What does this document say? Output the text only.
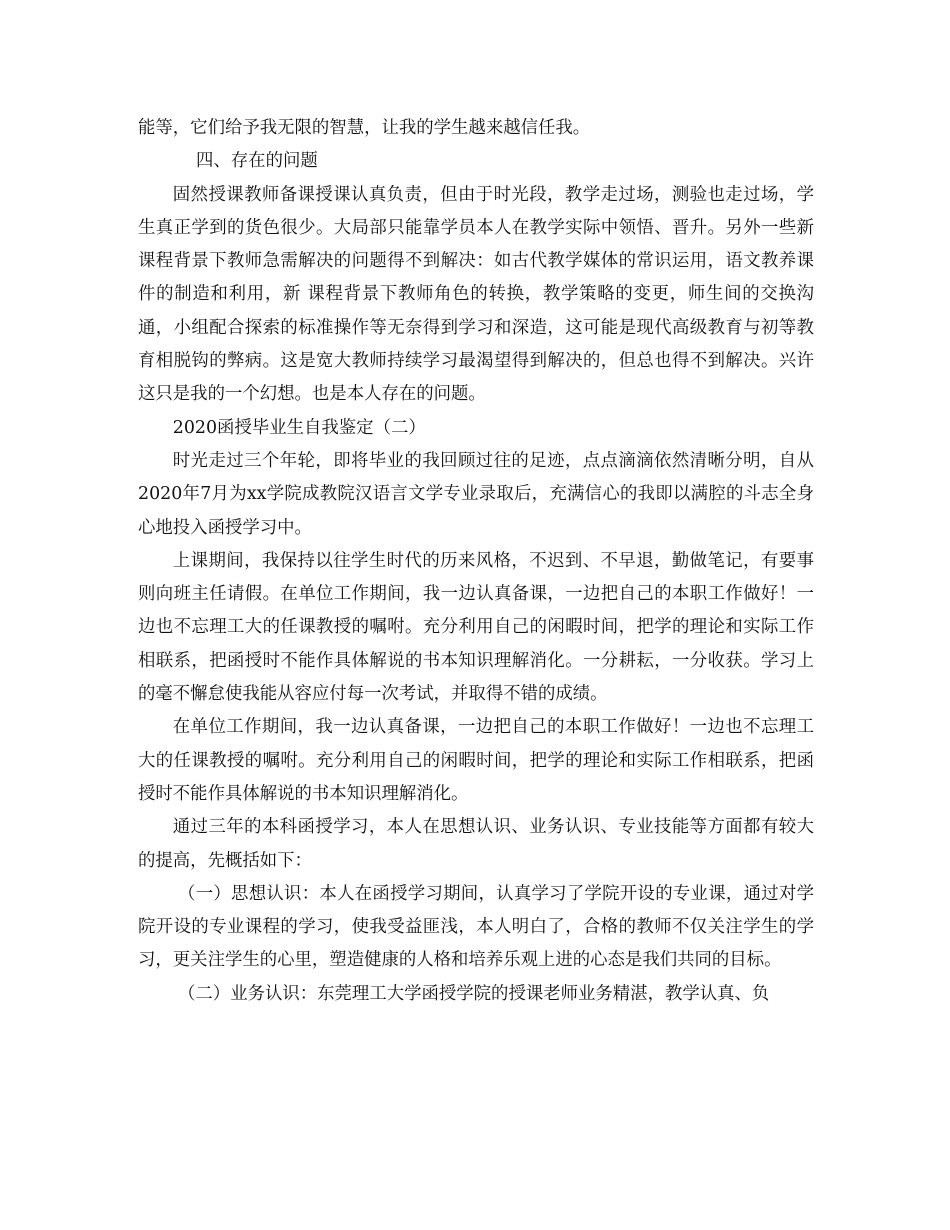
能等，它们给予我无限的智慧，让我的学生越来越信任我。

四、存在的问题

固然授课教师备课授课认真负责，但由于时光段，教学走过场，测验也走过场，学生真正学到的货色很少。大局部只能靠学员本人在教学实际中领悟、晋升。另外一些新课程背景下教师急需解决的问题得不到解决：如古代教学媒体的常识运用，语文教养课件的制造和利用，新 课程背景下教师角色的转换，教学策略的变更，师生间的交换沟通，小组配合探索的标准操作等无奈得到学习和深造，这可能是现代高级教育与初等教育相脱钩的弊病。这是宽大教师持续学习最渴望得到解决的，但总也得不到解决。兴许这只是我的一个幻想。也是本人存在的问题。

2020函授毕业生自我鉴定（二）

时光走过三个年轮，即将毕业的我回顾过往的足迹，点点滴滴依然清晰分明，自从2020年7月为xx学院成教院汉语言文学专业录取后，充满信心的我即以满腔的斗志全身心地投入函授学习中。

上课期间，我保持以往学生时代的历来风格，不迟到、不早退，勤做笔记，有要事则向班主任请假。在单位工作期间，我一边认真备课，一边把自己的本职工作做好！一边也不忘理工大的任课教授的嘱咐。充分利用自己的闲暇时间，把学的理论和实际工作相联系，把函授时不能作具体解说的书本知识理解消化。一分耕耘，一分收获。学习上的毫不懈怠使我能从容应付每一次考试，并取得不错的成绩。

在单位工作期间，我一边认真备课，一边把自己的本职工作做好！一边也不忘理工大的任课教授的嘱咐。充分利用自己的闲暇时间，把学的理论和实际工作相联系，把函授时不能作具体解说的书本知识理解消化。

通过三年的本科函授学习，本人在思想认识、业务认识、专业技能等方面都有较大的提高，先概括如下：

（一）思想认识：本人在函授学习期间，认真学习了学院开设的专业课，通过对学院开设的专业课程的学习，使我受益匪浅，本人明白了，合格的教师不仅关注学生的学习，更关注学生的心里，塑造健康的人格和培养乐观上进的心态是我们共同的目标。

（二）业务认识：东莞理工大学函授学院的授课老师业务精湛，教学认真、负
